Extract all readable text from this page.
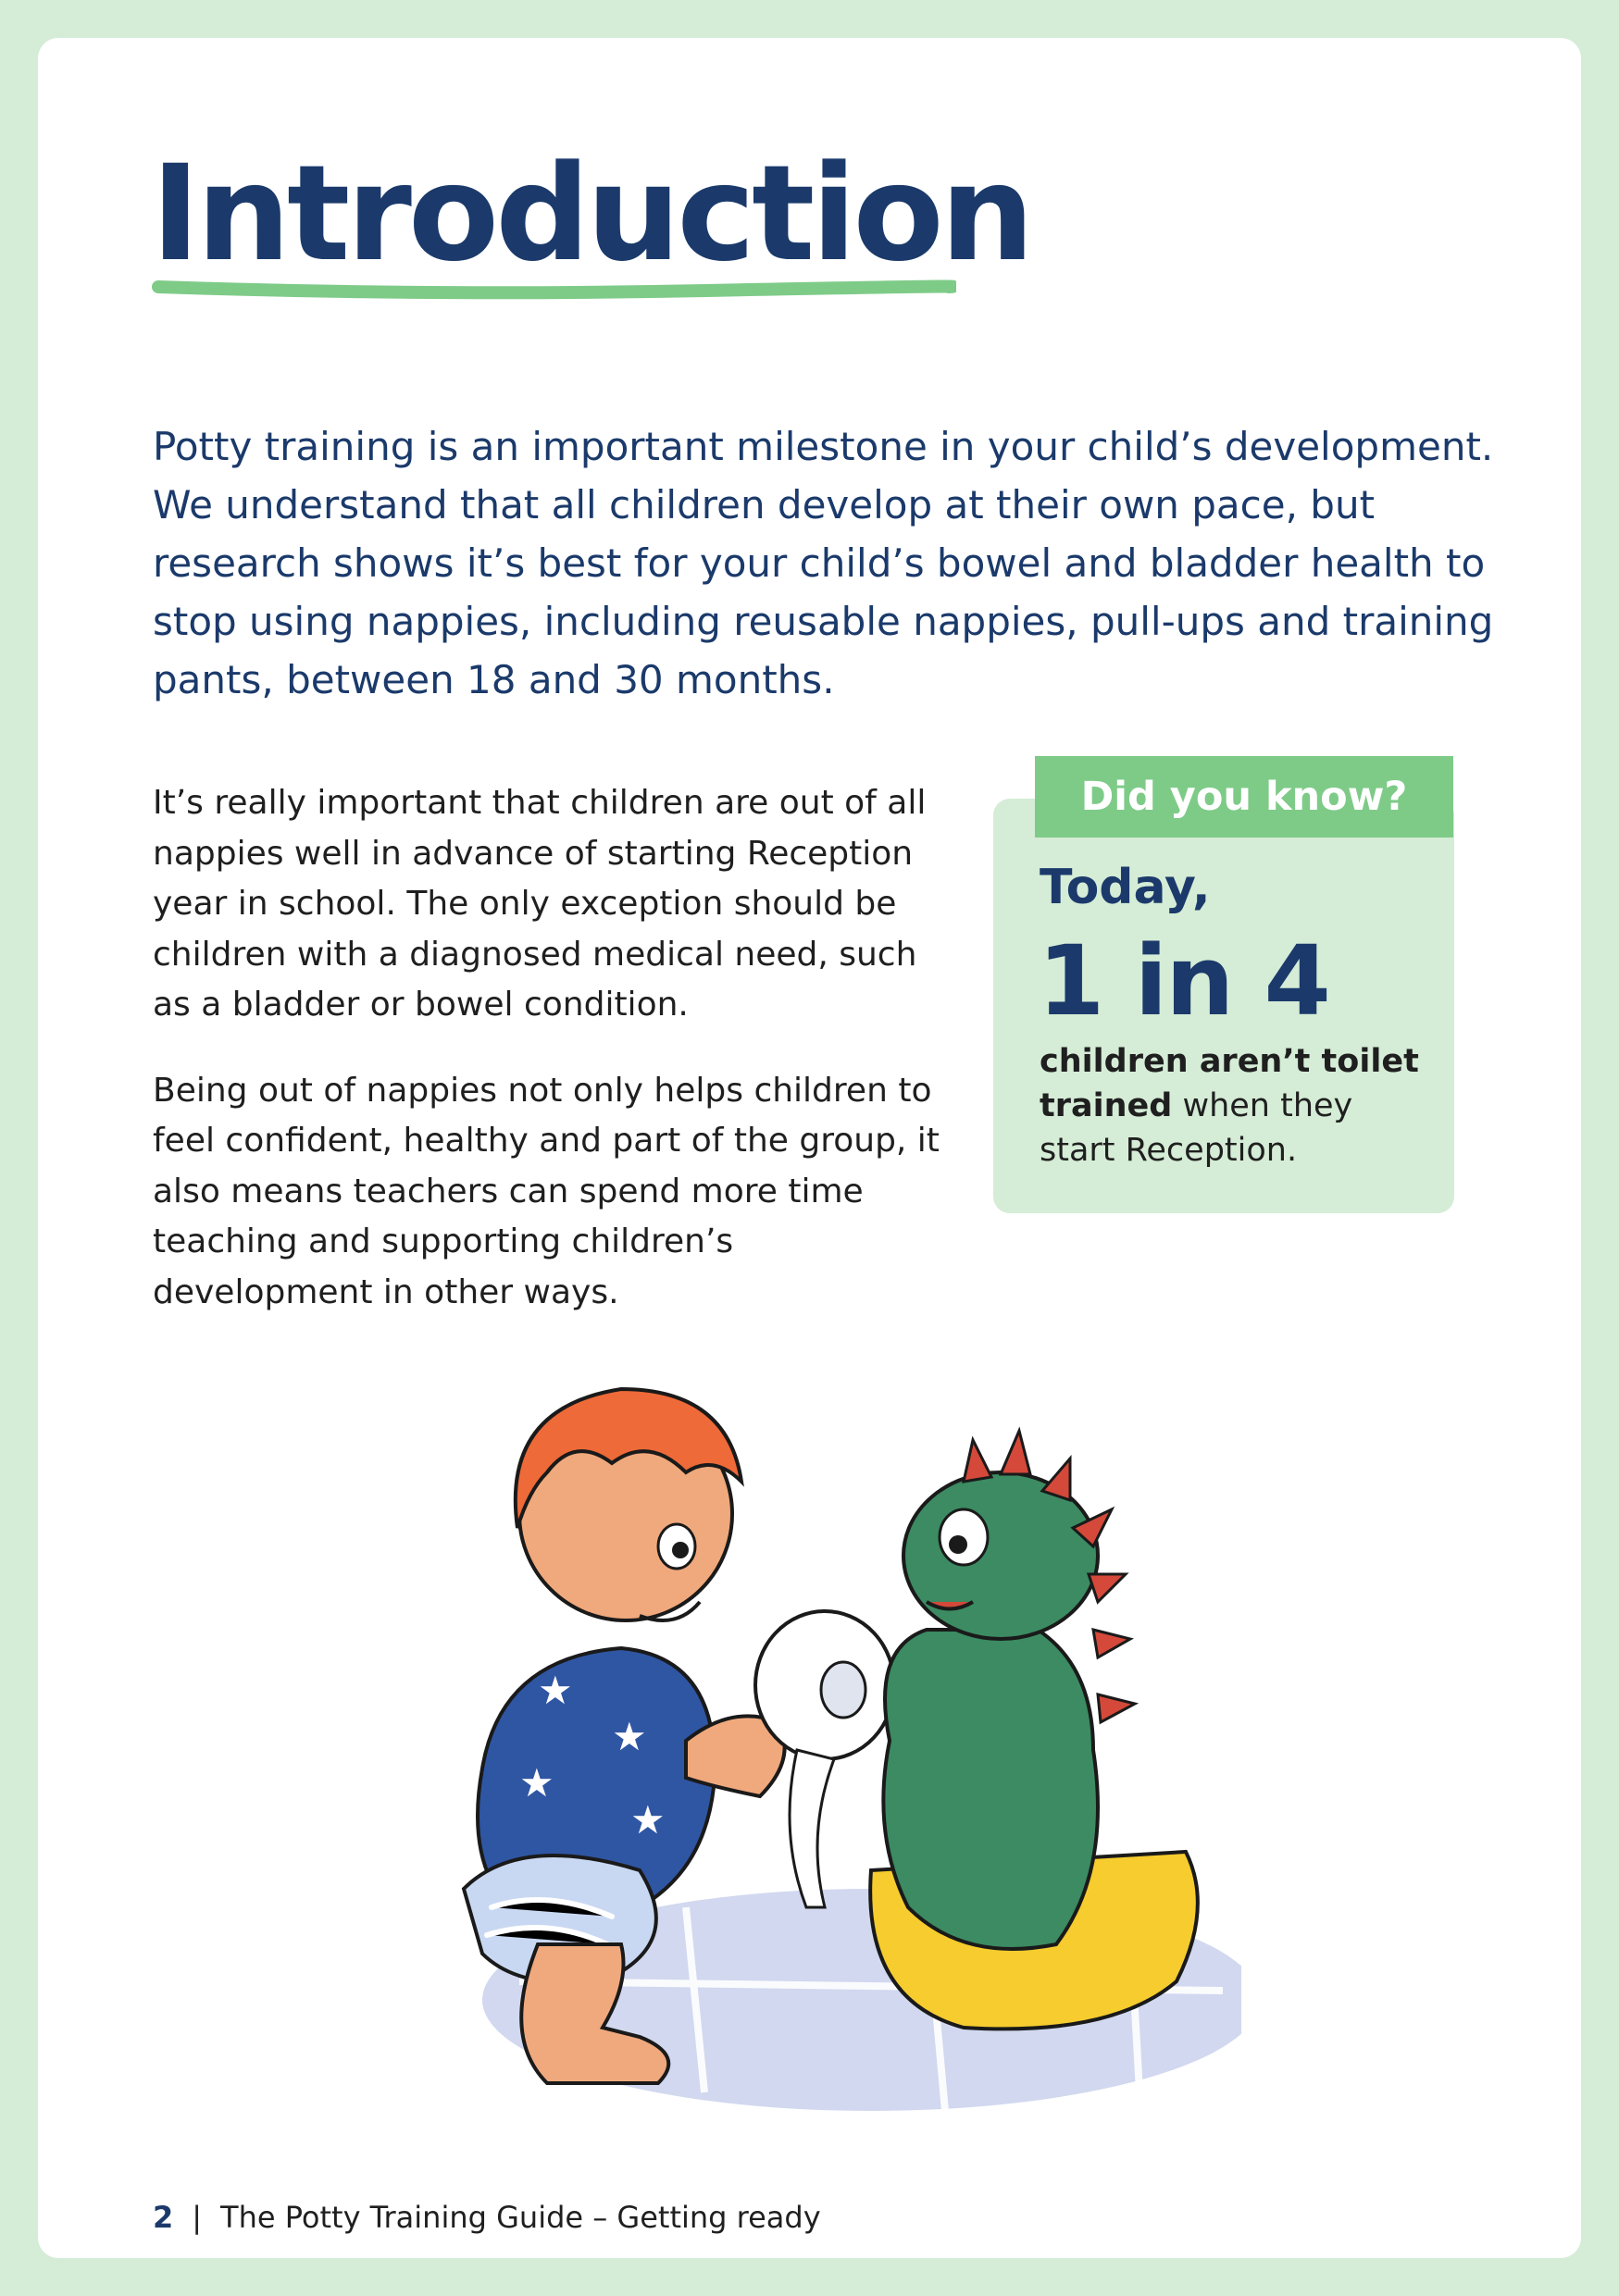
Introduction

Potty training is an important milestone in your child’s development. We understand that all children develop at their own pace, but research shows it’s best for your child’s bowel and bladder health to stop using nappies, including reusable nappies, pull-ups and training pants, between 18 and 30 months.

It’s really important that children are out of all nappies well in advance of starting Reception year in school. The only exception should be children with a diagnosed medical need, such as a bladder or bowel condition.

Being out of nappies not only helps children to feel confident, healthy and part of the group, it also means teachers can spend more time teaching and supporting children’s development in other ways.

Today,
1 in 4
children aren’t toilet trained when they start Reception.
Did you know?
★
★
★
★
2 | The Potty Training Guide – Getting ready
